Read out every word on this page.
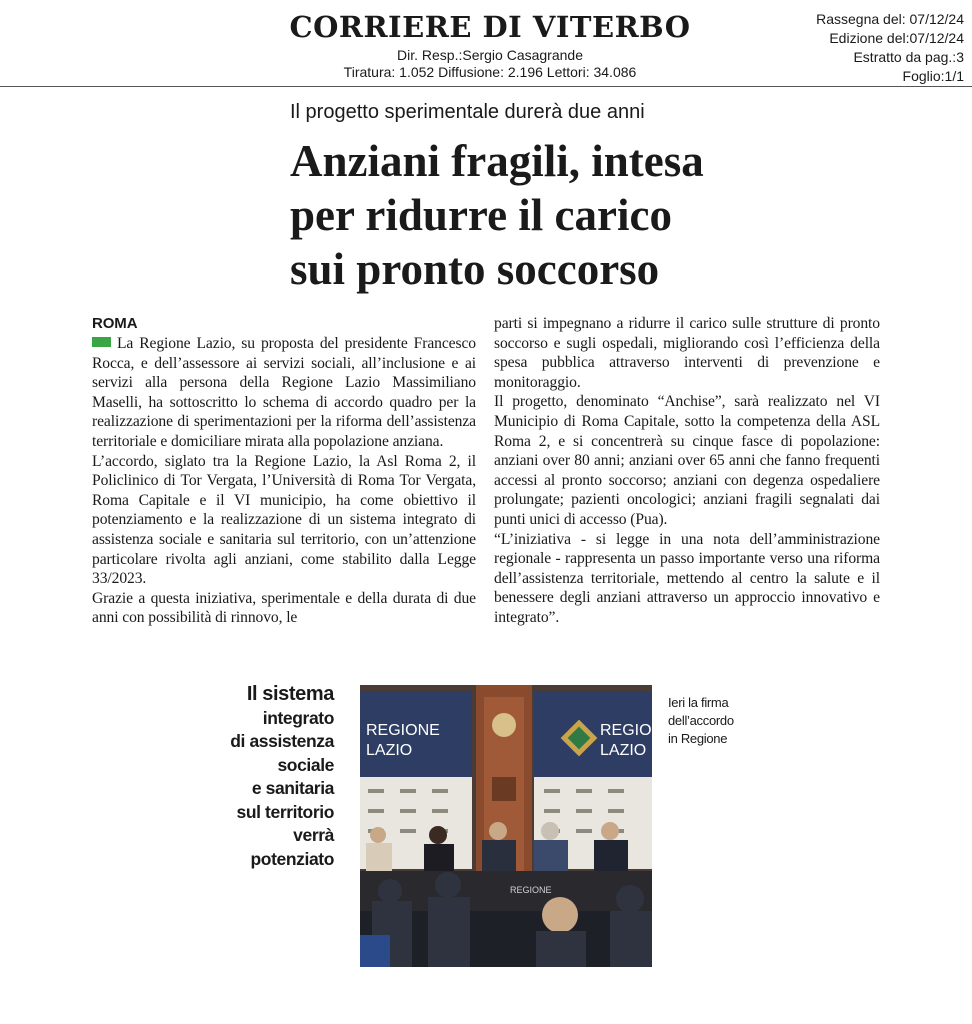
CORRIERE DI VITERBO
Dir. Resp.:Sergio Casagrande
Tiratura: 1.052 Diffusione: 2.196 Lettori: 34.086
Rassegna del: 07/12/24
Edizione del:07/12/24
Estratto da pag.:3
Foglio:1/1
Il progetto sperimentale durerà due anni
Anziani fragili, intesa
per ridurre il carico
sui pronto soccorso
ROMA

La Regione Lazio, su proposta del presidente Francesco Rocca, e dell’assessore ai servizi sociali, all’inclusione e ai servizi alla persona della Regione Lazio Massimiliano Maselli, ha sottoscritto lo schema di accordo quadro per la realizzazione di sperimentazioni per la riforma dell’assistenza territoriale e domiciliare mirata alla popolazione anziana.

L’accordo, siglato tra la Regione Lazio, la Asl Roma 2, il Policlinico di Tor Vergata, l’Università di Roma Tor Vergata, Roma Capitale e il VI municipio, ha come obiettivo il potenziamento e la realizzazione di un sistema integrato di assistenza sociale e sanitaria sul territorio, con un’attenzione particolare rivolta agli anziani, come stabilito dalla Legge 33/2023.

Grazie a questa iniziativa, sperimentale e della durata di due anni con possibilità di rinnovo, le

parti si impegnano a ridurre il carico sulle strutture di pronto soccorso e sugli ospedali, migliorando così l’efficienza della spesa pubblica attraverso interventi di prevenzione e monitoraggio.

Il progetto, denominato “Anchise”, sarà realizzato nel VI Municipio di Roma Capitale, sotto la competenza della ASL Roma 2, e si concentrerà su cinque fasce di popolazione: anziani over 80 anni; anziani over 65 anni che fanno frequenti accessi al pronto soccorso; anziani con degenza ospedaliere prolungate; pazienti oncologici; anziani fragili segnalati dai punti unici di accesso (Pua).

“L’iniziativa - si legge in una nota dell’amministrazione regionale - rappresenta un passo importante verso una riforma dell’assistenza territoriale, mettendo al centro la salute e il benessere degli anziani attraverso un approccio innovativo e integrato”.

Il sistema
integrato
di assistenza
sociale
e sanitaria
sul territorio
verrà
potenziato
REGIONE
LAZIO
REGIONE
LAZIO
REGIONE
Ieri la firma
dell’accordo
in Regione
